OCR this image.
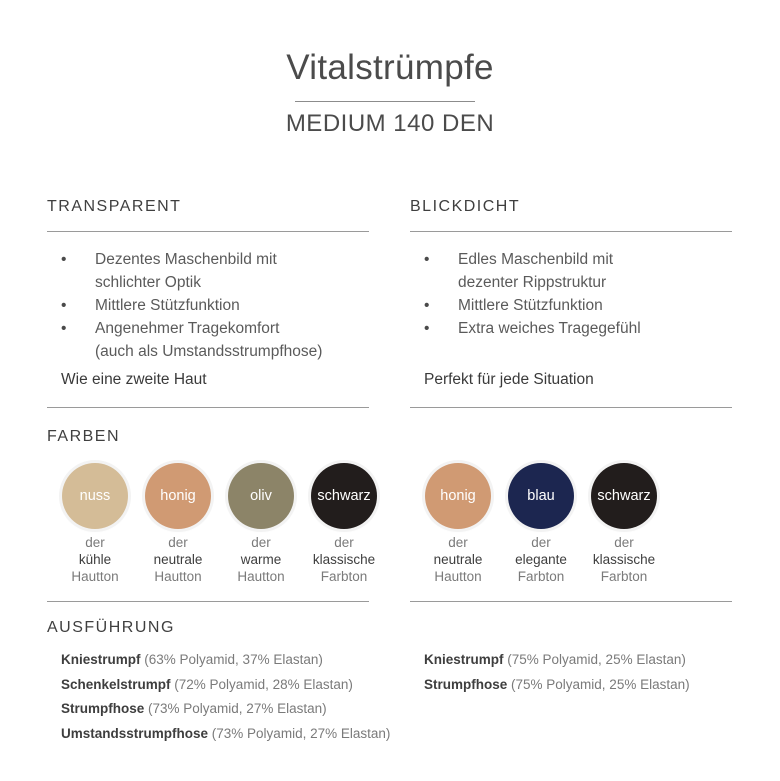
Vitalstrümpfe
MEDIUM 140 DEN
TRANSPARENT
• Dezentes Maschenbild mit
schlichter Optik
• Mittlere Stützfunktion
• Angenehmer Tragekomfort
(auch als Umstandsstrumpfhose)
Wie eine zweite Haut
FARBEN
nuss
der
kühle
Hautton
honig
der
neutrale
Hautton
oliv
der
warme
Hautton
schwarz
der
klassische
Farbton
AUSFÜHRUNG
Kniestrumpf (63% Polyamid, 37% Elastan)
Schenkelstrumpf (72% Polyamid, 28% Elastan)
Strumpfhose (73% Polyamid, 27% Elastan)
Umstandsstrumpfhose (73% Polyamid, 27% Elastan)
BLICKDICHT
• Edles Maschenbild mit
dezenter Rippstruktur
• Mittlere Stützfunktion
• Extra weiches Tragegefühl
Perfekt für jede Situation
honig
der
neutrale
Hautton
blau
der
elegante
Farbton
schwarz
der
klassische
Farbton
Kniestrumpf (75% Polyamid, 25% Elastan)
Strumpfhose (75% Polyamid, 25% Elastan)
